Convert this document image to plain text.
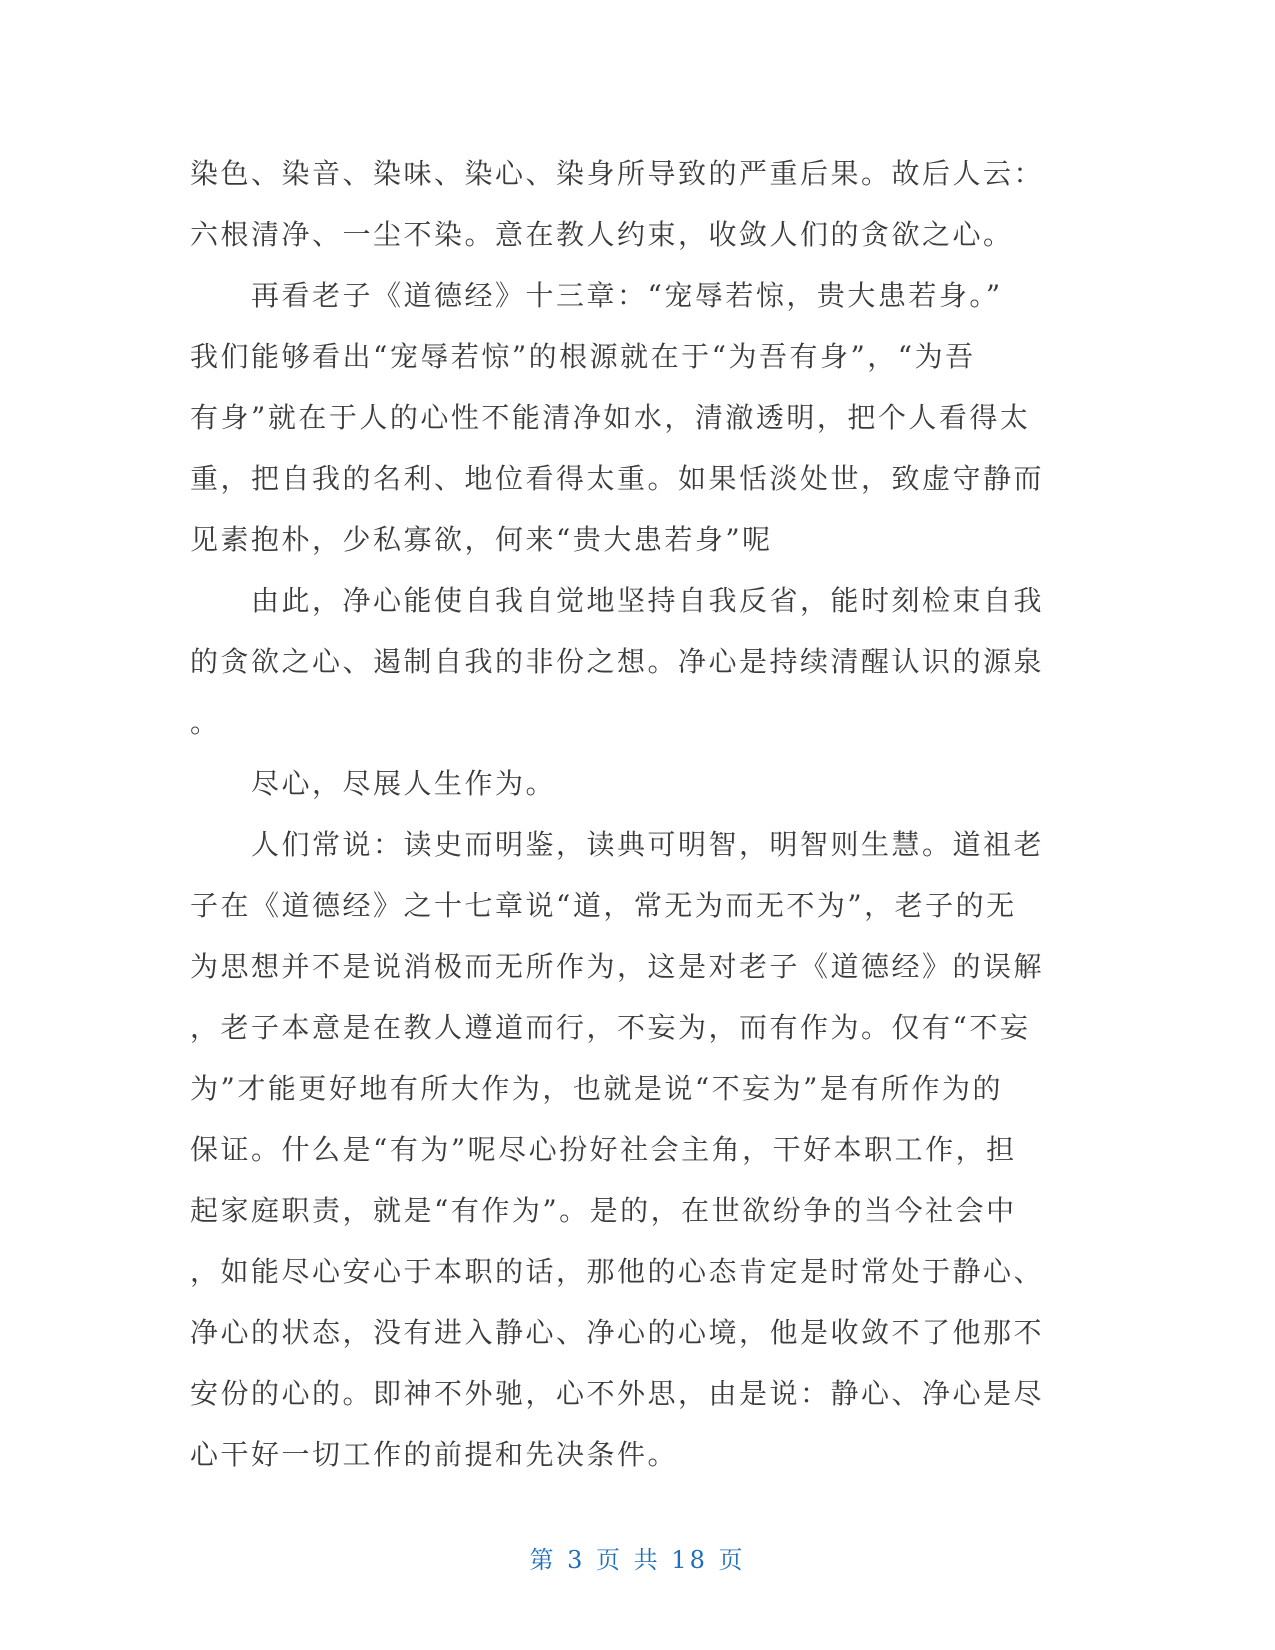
染色、染音、染味、染心、染身所导致的严重后果。故后人云：
六根清净、一尘不染。意在教人约束，收敛人们的贪欲之心。
　　再看老子《道德经》十三章：“宠辱若惊，贵大患若身。”
我们能够看出“宠辱若惊”的根源就在于“为吾有身”，“为吾
有身”就在于人的心性不能清净如水，清澈透明，把个人看得太
重，把自我的名利、地位看得太重。如果恬淡处世，致虚守静而
见素抱朴，少私寡欲，何来“贵大患若身”呢
　　由此，净心能使自我自觉地坚持自我反省，能时刻检束自我
的贪欲之心、遏制自我的非份之想。净心是持续清醒认识的源泉
。
　　尽心，尽展人生作为。
　　人们常说：读史而明鉴，读典可明智，明智则生慧。道祖老
子在《道德经》之十七章说“道，常无为而无不为”，老子的无
为思想并不是说消极而无所作为，这是对老子《道德经》的误解
，老子本意是在教人遵道而行，不妄为，而有作为。仅有“不妄
为”才能更好地有所大作为，也就是说“不妄为”是有所作为的
保证。什么是“有为”呢尽心扮好社会主角，干好本职工作，担
起家庭职责，就是“有作为”。是的，在世欲纷争的当今社会中
，如能尽心安心于本职的话，那他的心态肯定是时常处于静心、
净心的状态，没有进入静心、净心的心境，他是收敛不了他那不
安份的心的。即神不外驰，心不外思，由是说：静心、净心是尽
心干好一切工作的前提和先决条件。
第 3 页 共 18 页
